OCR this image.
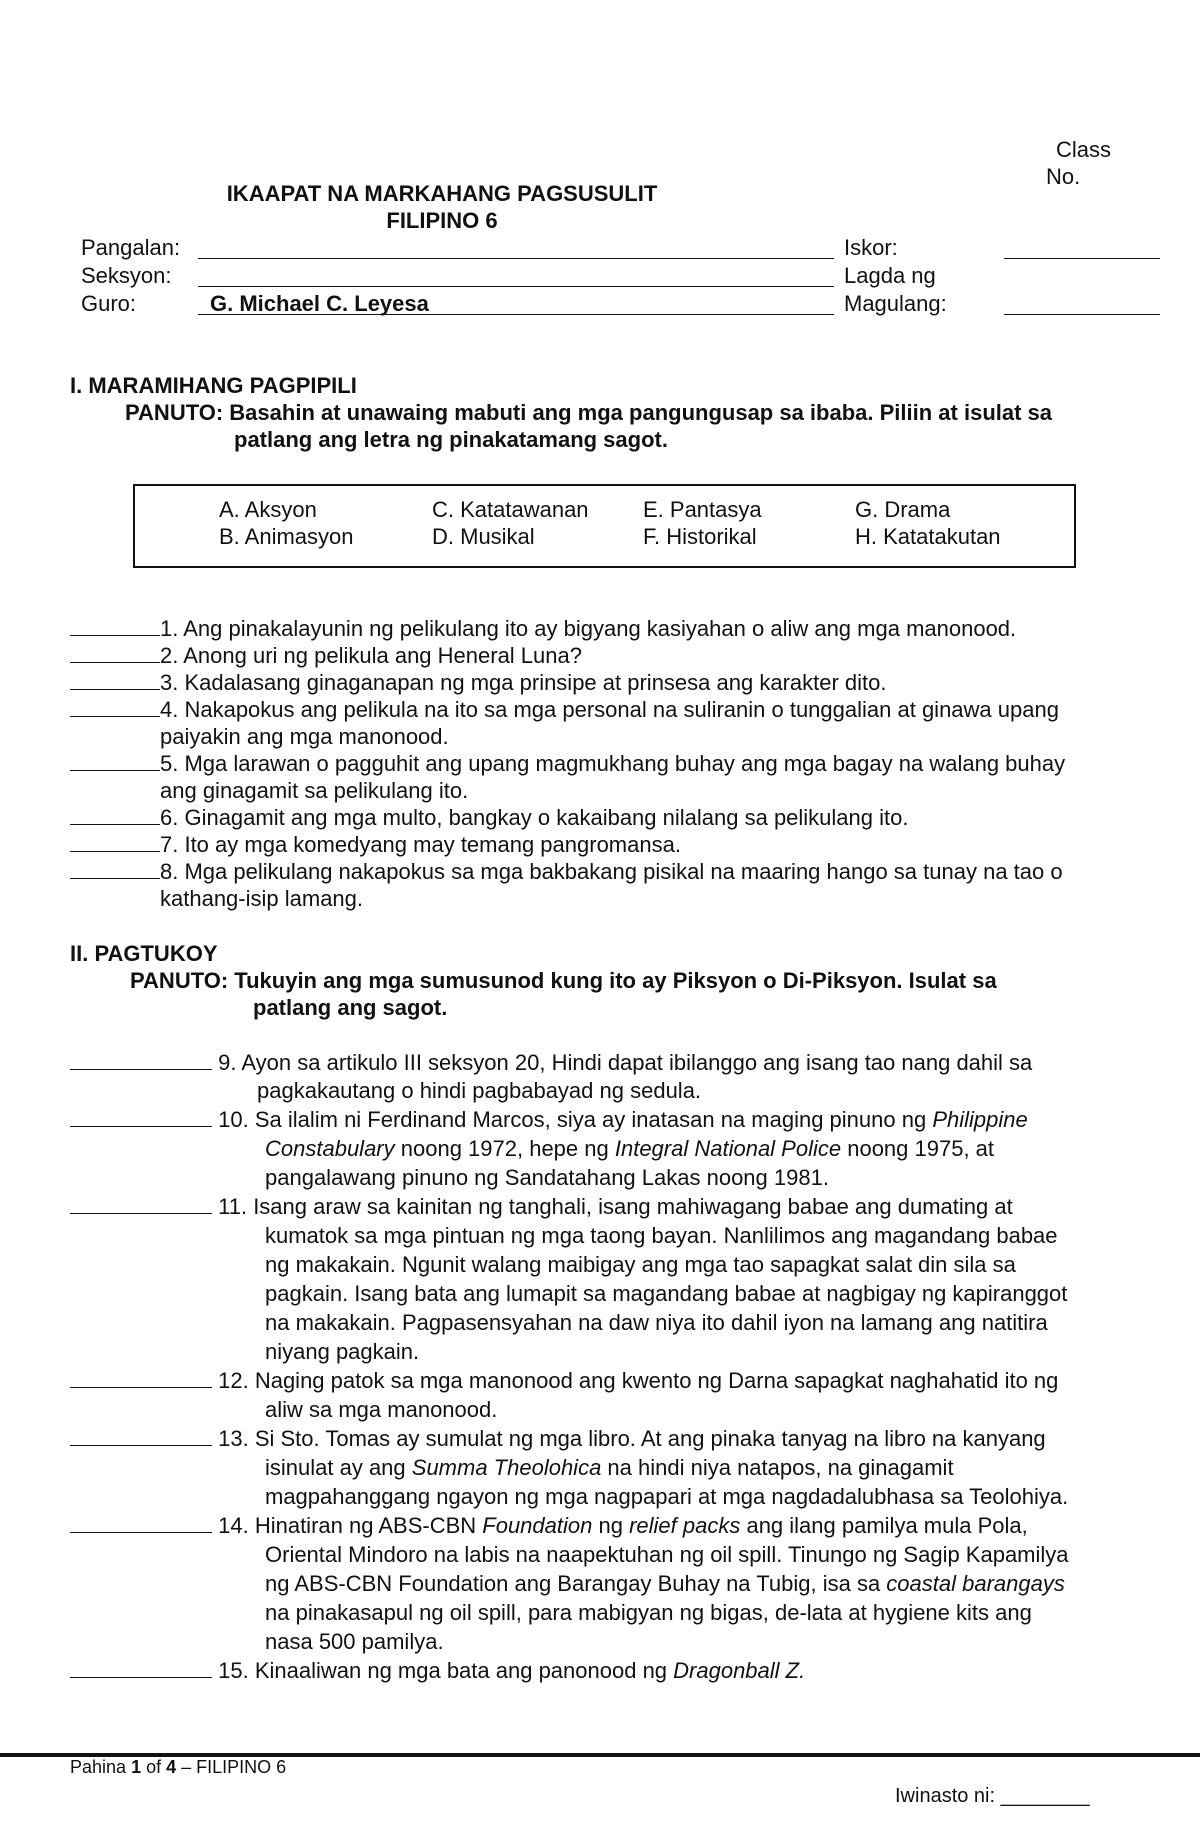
Class
No.
IKAAPAT NA MARKAHANG PAGSUSULIT
FILIPINO 6
Pangalan:
Seksyon:
Guro:	G. Michael C. Leyesa
Iskor:
Lagda ng
Magulang:
I. MARAMIHANG PAGPIPILI
PANUTO: Basahin at unawaing mabuti ang mga pangungusap sa ibaba. Piliin at isulat sa
patlang ang letra ng pinakatamang sagot.
A. Aksyon
B. Animasyon
C. Katatawanan
D. Musikal
E. Pantasya
F. Historikal
G. Drama
H. Katatakutan
1. Ang pinakalayunin ng pelikulang ito ay bigyang kasiyahan o aliw ang mga manonood.
2. Anong uri ng pelikula ang Heneral Luna?
3. Kadalasang ginaganapan ng mga prinsipe at prinsesa ang karakter dito.
4. Nakapokus ang pelikula na ito sa mga personal na suliranin o tunggalian at ginawa upang
paiyakin ang mga manonood.
5. Mga larawan o pagguhit ang upang magmukhang buhay ang mga bagay na walang buhay
ang ginagamit sa pelikulang ito.
6. Ginagamit ang mga multo, bangkay o kakaibang nilalang sa pelikulang ito.
7. Ito ay mga komedyang may temang pangromansa.
8. Mga pelikulang nakapokus sa mga bakbakang pisikal na maaring hango sa tunay na tao o
kathang-isip lamang.
II. PAGTUKOY
PANUTO: Tukuyin ang mga sumusunod kung ito ay Piksyon o Di-Piksyon. Isulat sa
patlang ang sagot.
9. Ayon sa artikulo III seksyon 20, Hindi dapat ibilanggo ang isang tao nang dahil sa
pagkakautang o hindi pagbabayad ng sedula.
10. Sa ilalim ni Ferdinand Marcos, siya ay inatasan na maging pinuno ng Philippine
Constabulary noong 1972, hepe ng Integral National Police noong 1975, at
pangalawang pinuno ng Sandatahang Lakas noong 1981.
11. Isang araw sa kainitan ng tanghali, isang mahiwagang babae ang dumating at
kumatok sa mga pintuan ng mga taong bayan. Nanlilimos ang magandang babae
ng makakain. Ngunit walang maibigay ang mga tao sapagkat salat din sila sa
pagkain. Isang bata ang lumapit sa magandang babae at nagbigay ng kapiranggot
na makakain. Pagpasensyahan na daw niya ito dahil iyon na lamang ang natitira
niyang pagkain.
12. Naging patok sa mga manonood ang kwento ng Darna sapagkat naghahatid ito ng
aliw sa mga manonood.
13. Si Sto. Tomas ay sumulat ng mga libro. At ang pinaka tanyag na libro na kanyang
isinulat ay ang Summa Theolohica na hindi niya natapos, na ginagamit
magpahanggang ngayon ng mga nagpapari at mga nagdadalubhasa sa Teolohiya.
14. Hinatiran ng ABS-CBN Foundation ng relief packs ang ilang pamilya mula Pola,
Oriental Mindoro na labis na naapektuhan ng oil spill. Tinungo ng Sagip Kapamilya
ng ABS-CBN Foundation ang Barangay Buhay na Tubig, isa sa coastal barangays
na pinakasapul ng oil spill, para mabigyan ng bigas, de-lata at hygiene kits ang
nasa 500 pamilya.
15. Kinaaliwan ng mga bata ang panonood ng Dragonball Z.
Pahina 1 of 4 – FILIPINO 6
Iwinasto ni: ________
